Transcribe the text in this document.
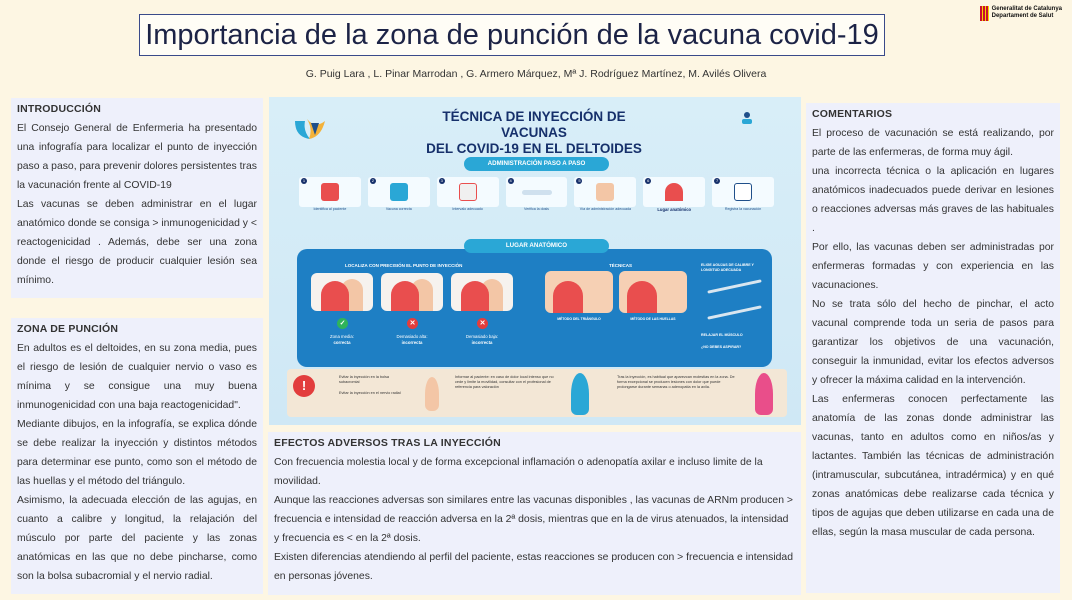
Importancia de la zona de punción de la vacuna covid-19
G. Puig Lara , L. Pinar Marrodan , G. Armero Márquez, Mª J. Rodríguez Martínez, M. Avilés Olivera
Generalitat de Catalunya
Departament de Salut
INTRODUCCIÓN

El Consejo General de Enfermeria ha presentado una infografía para localizar el punto de inyección paso a paso, para prevenir dolores persistentes tras la vacunación frente al COVID-19

Las vacunas se deben administrar en el lugar anatómico donde se consiga > inmunogenicidad y < reactogenicidad . Además, debe ser una zona donde el riesgo de producir cualquier lesión sea mínimo.

ZONA DE PUNCIÓN

En adultos es el deltoides, en su zona media, pues el riesgo de lesión de cualquier nervio o vaso es mínima y se consigue una muy buena inmunogenicidad con una baja reactogenicidad".

Mediante dibujos, en la infografía, se explica dónde se debe realizar la inyección y distintos métodos para determinar ese punto, como son el método de las huellas y el método del triángulo.

Asimismo, la adecuada elección de las agujas, en cuanto a calibre y longitud, la relajación del músculo por parte del paciente y las zonas anatómicas en las que no debe pincharse, como son la bolsa subacromial y el nervio radial.

COMENTARIOS

El proceso de vacunación se está realizando, por parte de las enfermeras, de forma muy ágil.

una incorrecta técnica o la aplicación en lugares anatómicos inadecuados puede derivar en lesiones o reacciones adversas más graves de las habituales .

Por ello, las vacunas deben ser administradas por enfermeras formadas y con experiencia en las vacunaciones.

No se trata sólo del hecho de pinchar, el acto vacunal comprende toda un seria de pasos para garantizar los objetivos de una vacunación, conseguir la inmunidad, evitar los efectos adversos y ofrecer la máxima calidad en la intervención.

Las enfermeras conocen perfectamente las anatomía de las zonas donde administrar las vacunas, tanto en adultos como en niños/as y lactantes. También las técnicas de administración (intramuscular, subcutánea, intradérmica) y en qué zonas anatómicas debe realizarse cada técnica y tipos de agujas que deben utilizarse en cada una de ellas, según la masa muscular de cada persona.

EFECTOS ADVERSOS TRAS LA INYECCIÓN

Con frecuencia molestia local y de forma excepcional inflamación o adenopatía axilar e incluso limite de la movilidad.

Aunque las reacciones adversas son similares entre las vacunas disponibles , las vacunas de ARNm producen > frecuencia e intensidad de reacción adversa en la 2ª dosis, mientras que en la de virus atenuados, la intensidad y frecuencia es < en la 2ª dosis.

Existen diferencias atendiendo al perfil del paciente, estas reacciones se producen con > frecuencia e intensidad en personas jóvenes.

TÉCNICA DE INYECCIÓN DE VACUNAS
DEL COVID-19 EN EL DELTOIDES
ADMINISTRACIÓN PASO A PASO
1	2	3	4	5	6	7
Identifica al paciente	Vacuna correcta	Intervalo adecuado	Verifica la dosis	Vía de administración adecuada	Lugar anatómico	Registra la vacunación
LOCALIZA CON PRECISIÓN EL PUNTO DE INYECCIÓN	TÉCNICAS
✓	✕	✕
Zona media:
correcta
Demasiado alta:
incorrecta
Demasiado baja:
incorrecta
MÉTODO DEL TRIÁNGULO	MÉTODO DE LAS HUELLAS
ELIGE AGUJAS DE CALIBRE Y LONGITUD ADECUADA
RELAJAR EL MÚSCULO
¿NO DEBES ASPIRAR?
LUGAR ANATÓMICO
!
Evitar la inyección en la bolsa subacromial
Evitar la inyección en el nervio radial
Informar al paciente: en caso de dolor local intenso que no cede y limite la movilidad, consultar con el profesional de referencia para valoración
Tras la inyección, es habitual que aparezcan molestias en la zona. De forma excepcional se producen lesiones con dolor que puede prolongarse durante semanas o adenopatía en la axila.
